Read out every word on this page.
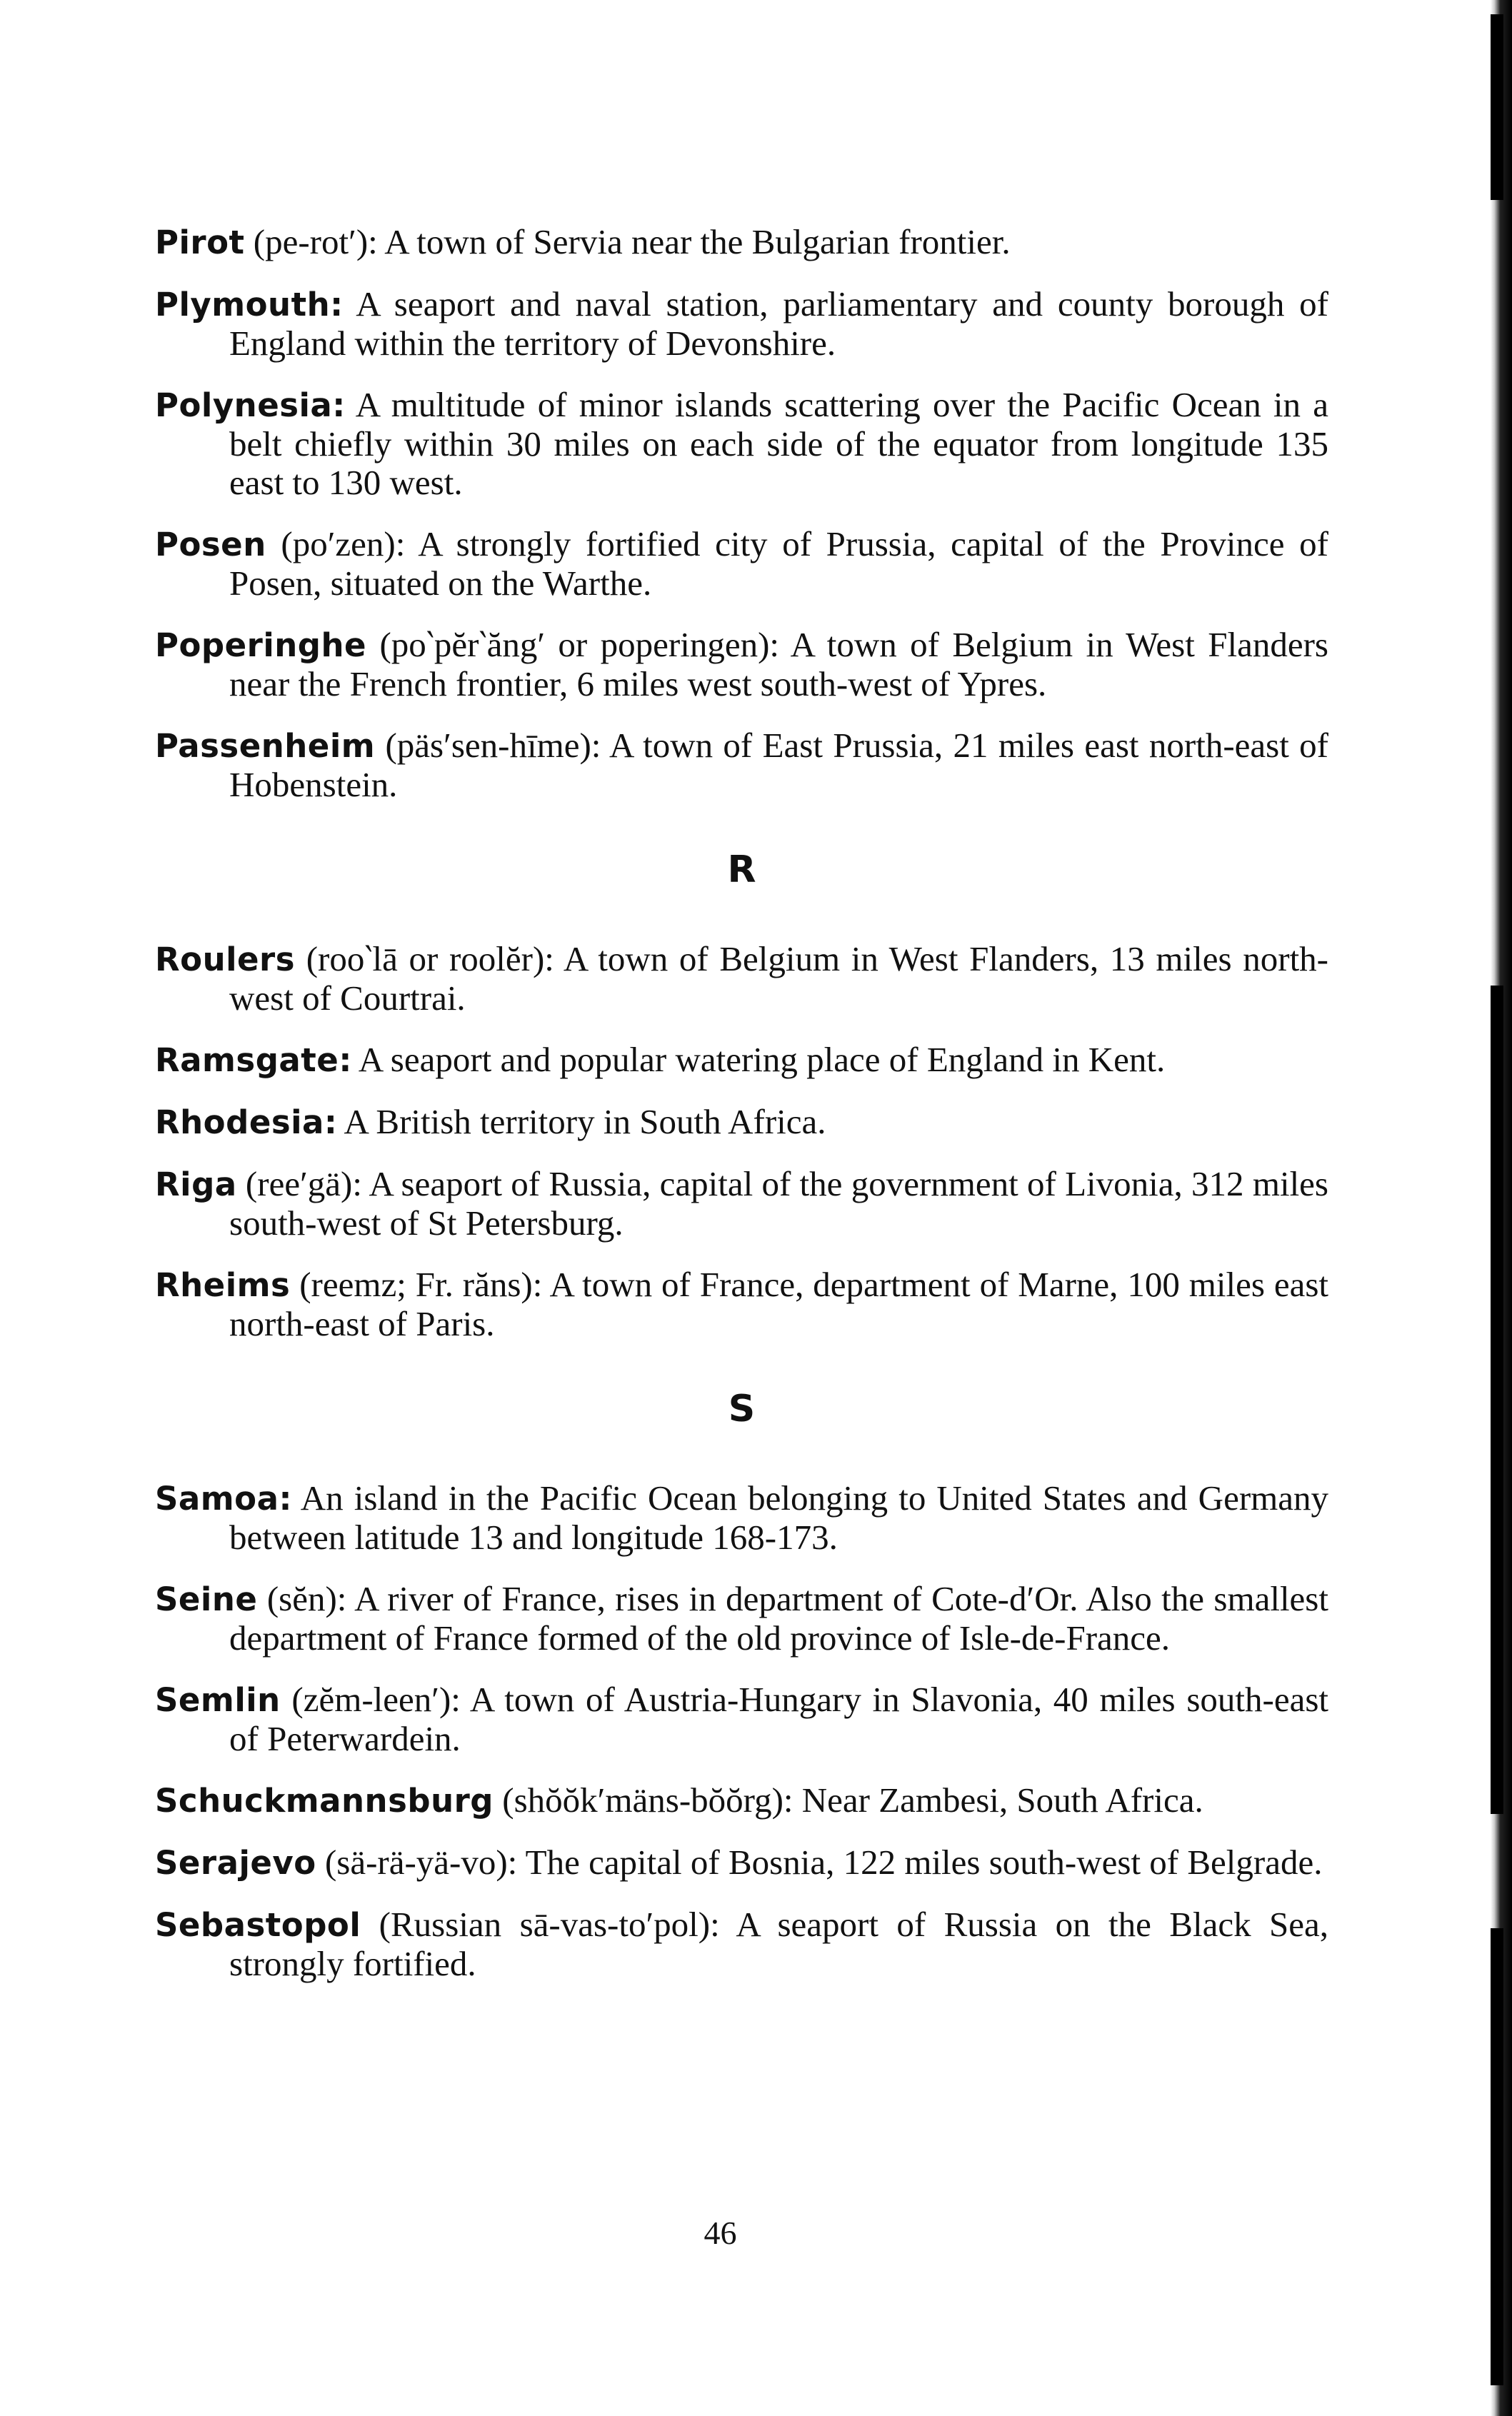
Pirot (pe-rot′): A town of Servia near the Bulgarian frontier.

Plymouth: A seaport and naval station, parliamentary and county borough of England within the territory of Devonshire.

Polynesia: A multitude of minor islands scattering over the Pacific Ocean in a belt chiefly within 30 miles on each side of the equator from longitude 135 east to 130 west.

Posen (po′zen): A strongly fortified city of Prussia, capital of the Province of Posen, situated on the Warthe.

Poperinghe (po‵pĕr‵ăng′ or poperingen): A town of Belgium in West Flanders near the French frontier, 6 miles west south-west of Ypres.

Passenheim (päs′sen-hīme): A town of East Prussia, 21 miles east north-east of Hobenstein.

R

Roulers (roo‵lā or roolĕr): A town of Belgium in West Flanders, 13 miles north-west of Courtrai.

Ramsgate: A seaport and popular watering place of England in Kent.

Rhodesia: A British territory in South Africa.

Riga (ree′gä): A seaport of Russia, capital of the government of Livonia, 312 miles south-west of St Petersburg.

Rheims (reemz; Fr. răns): A town of France, department of Marne, 100 miles east north-east of Paris.

S

Samoa: An island in the Pacific Ocean belonging to United States and Germany between latitude 13 and longitude 168-173.

Seine (sĕn): A river of France, rises in department of Cote-d′Or. Also the smallest department of France formed of the old province of Isle-de-France.

Semlin (zĕm-leen′): A town of Austria-Hungary in Slavonia, 40 miles south-east of Peterwardein.

Schuckmannsburg (shŏŏk′mäns-bŏŏrg): Near Zambesi, South Africa.

Serajevo (sä-rä-yä-vo): The capital of Bosnia, 122 miles south-west of Belgrade.

Sebastopol (Russian sā-vas-to′pol): A seaport of Russia on the Black Sea, strongly fortified.

46
